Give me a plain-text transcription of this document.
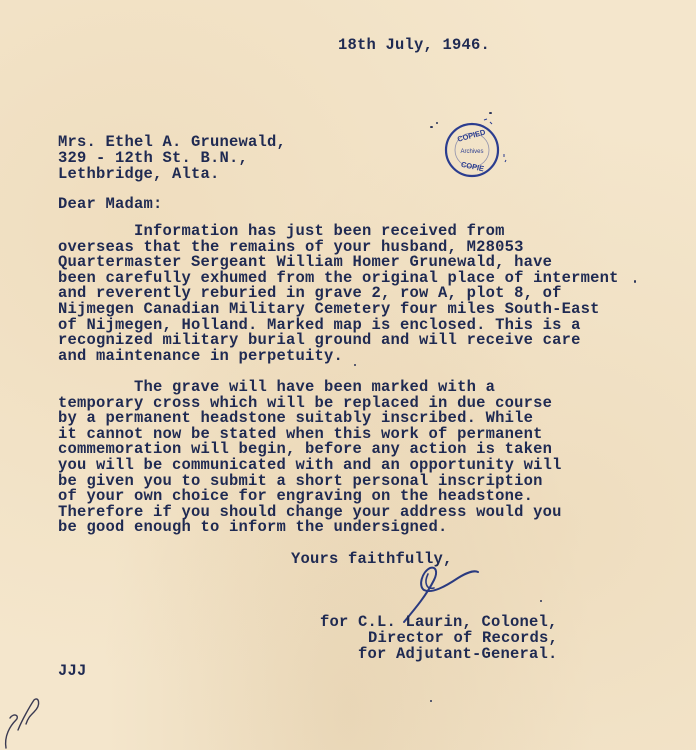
18th July, 1946.

COPIED
Archives
COPIE

Mrs. Ethel A. Grunewald,

329 - 12th St. B.N.,

Lethbridge, Alta.

Dear Madam:

Information has just been received from

overseas that the remains of your husband, M28053

Quartermaster Sergeant William Homer Grunewald, have

been carefully exhumed from the original place of interment

and reverently reburied in grave 2, row A, plot 8, of

Nijmegen Canadian Military Cemetery four miles South-East

of Nijmegen, Holland. Marked map is enclosed. This is a

recognized military burial ground and will receive care

and maintenance in perpetuity.

The grave will have been marked with a

temporary cross which will be replaced in due course

by a permanent headstone suitably inscribed. While

it cannot now be stated when this work of permanent

commemoration will begin, before any action is taken

you will be communicated with and an opportunity will

be given you to submit a short personal inscription

of your own choice for engraving on the headstone.

Therefore if you should change your address would you

be good enough to inform the undersigned.

Yours faithfully,

for C.L. Laurin, Colonel,

Director of Records,

for Adjutant-General.

JJJ
